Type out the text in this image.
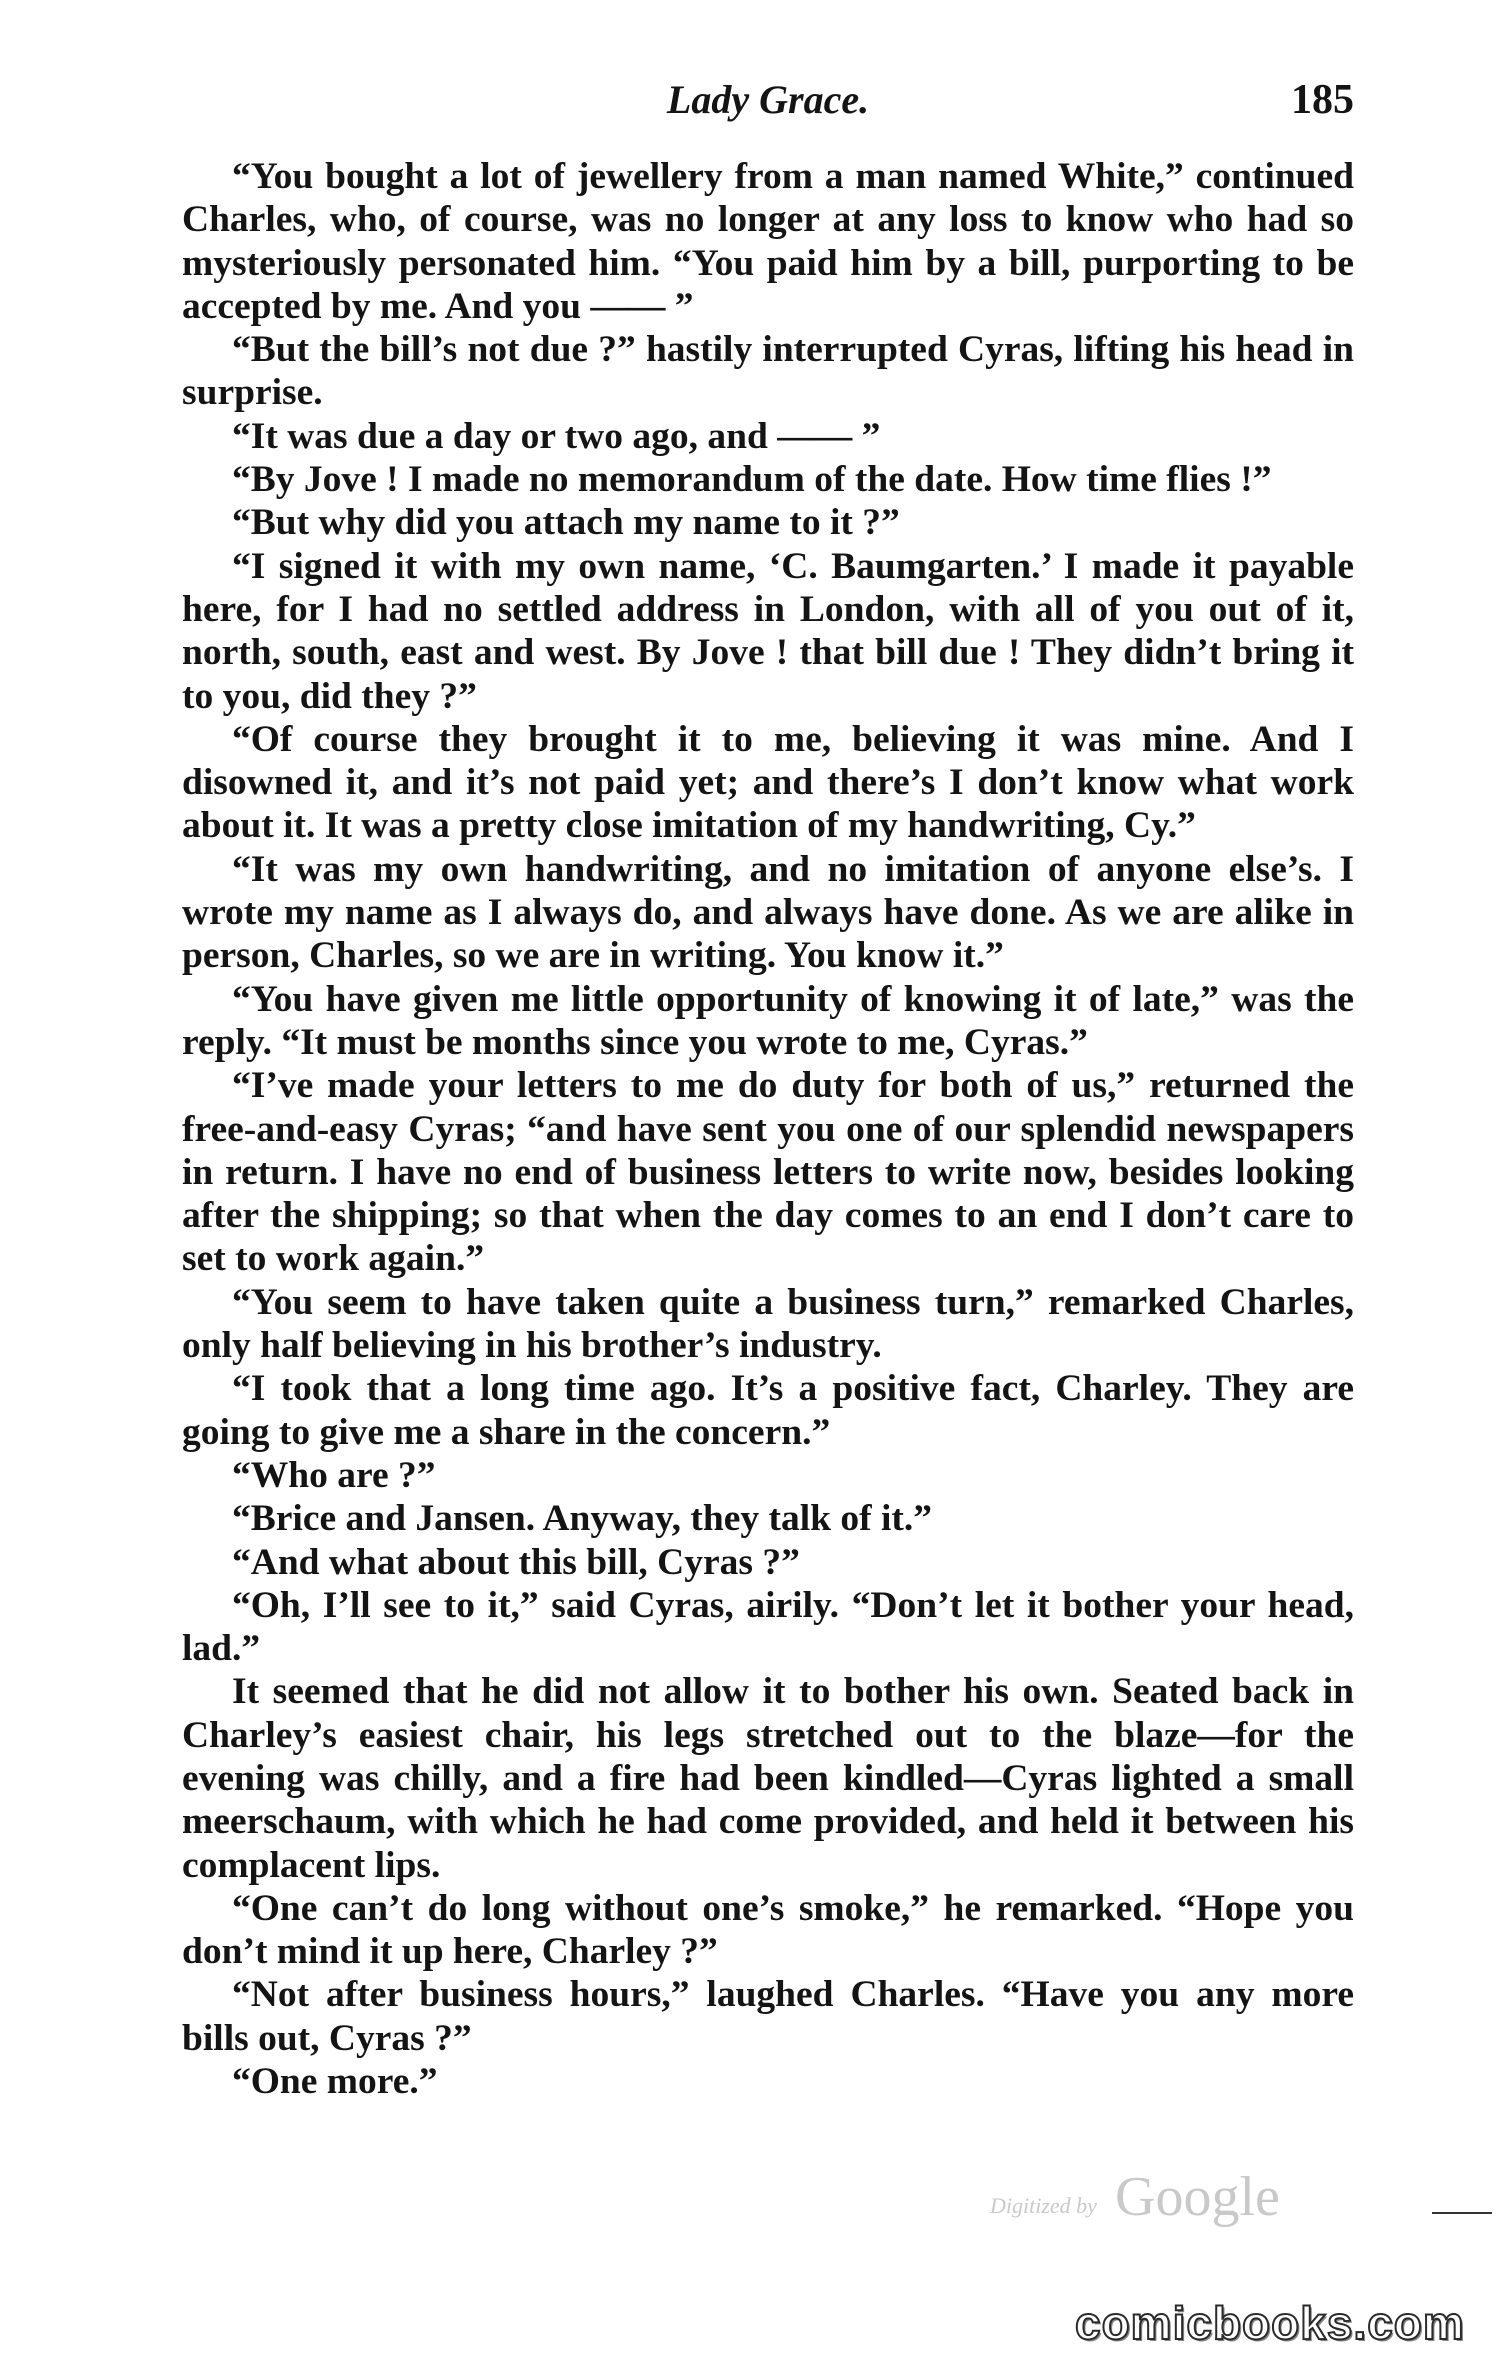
Lady Grace.	185

“You bought a lot of jewellery from a man named White,” continued Charles, who, of course, was no longer at any loss to know who had so mysteriously personated him. “You paid him by a bill, purporting to be accepted by me. And you —— ”

“But the bill’s not due ?” hastily interrupted Cyras, lifting his head in surprise.

“It was due a day or two ago, and —— ”

“By Jove ! I made no memorandum of the date. How time flies !”

“But why did you attach my name to it ?”

“I signed it with my own name, ‘C. Baumgarten.’ I made it payable here, for I had no settled address in London, with all of you out of it, north, south, east and west. By Jove ! that bill due ! They didn’t bring it to you, did they ?”

“Of course they brought it to me, believing it was mine. And I disowned it, and it’s not paid yet; and there’s I don’t know what work about it. It was a pretty close imitation of my handwriting, Cy.”

“It was my own handwriting, and no imitation of anyone else’s. I wrote my name as I always do, and always have done. As we are alike in person, Charles, so we are in writing. You know it.”

“You have given me little opportunity of knowing it of late,” was the reply. “It must be months since you wrote to me, Cyras.”

“I’ve made your letters to me do duty for both of us,” returned the free-and-easy Cyras; “and have sent you one of our splendid newspapers in return. I have no end of business letters to write now, besides looking after the shipping; so that when the day comes to an end I don’t care to set to work again.”

“You seem to have taken quite a business turn,” remarked Charles, only half believing in his brother’s industry.

“I took that a long time ago. It’s a positive fact, Charley. They are going to give me a share in the concern.”

“Who are ?”

“Brice and Jansen. Anyway, they talk of it.”

“And what about this bill, Cyras ?”

“Oh, I’ll see to it,” said Cyras, airily. “Don’t let it bother your head, lad.”

It seemed that he did not allow it to bother his own. Seated back in Charley’s easiest chair, his legs stretched out to the blaze—for the evening was chilly, and a fire had been kindled—Cyras lighted a small meerschaum, with which he had come provided, and held it between his complacent lips.

“One can’t do long without one’s smoke,” he remarked. “Hope you don’t mind it up here, Charley ?”

“Not after business hours,” laughed Charles. “Have you any more bills out, Cyras ?”

“One more.”

Digitized by Google
comicbooks.com
